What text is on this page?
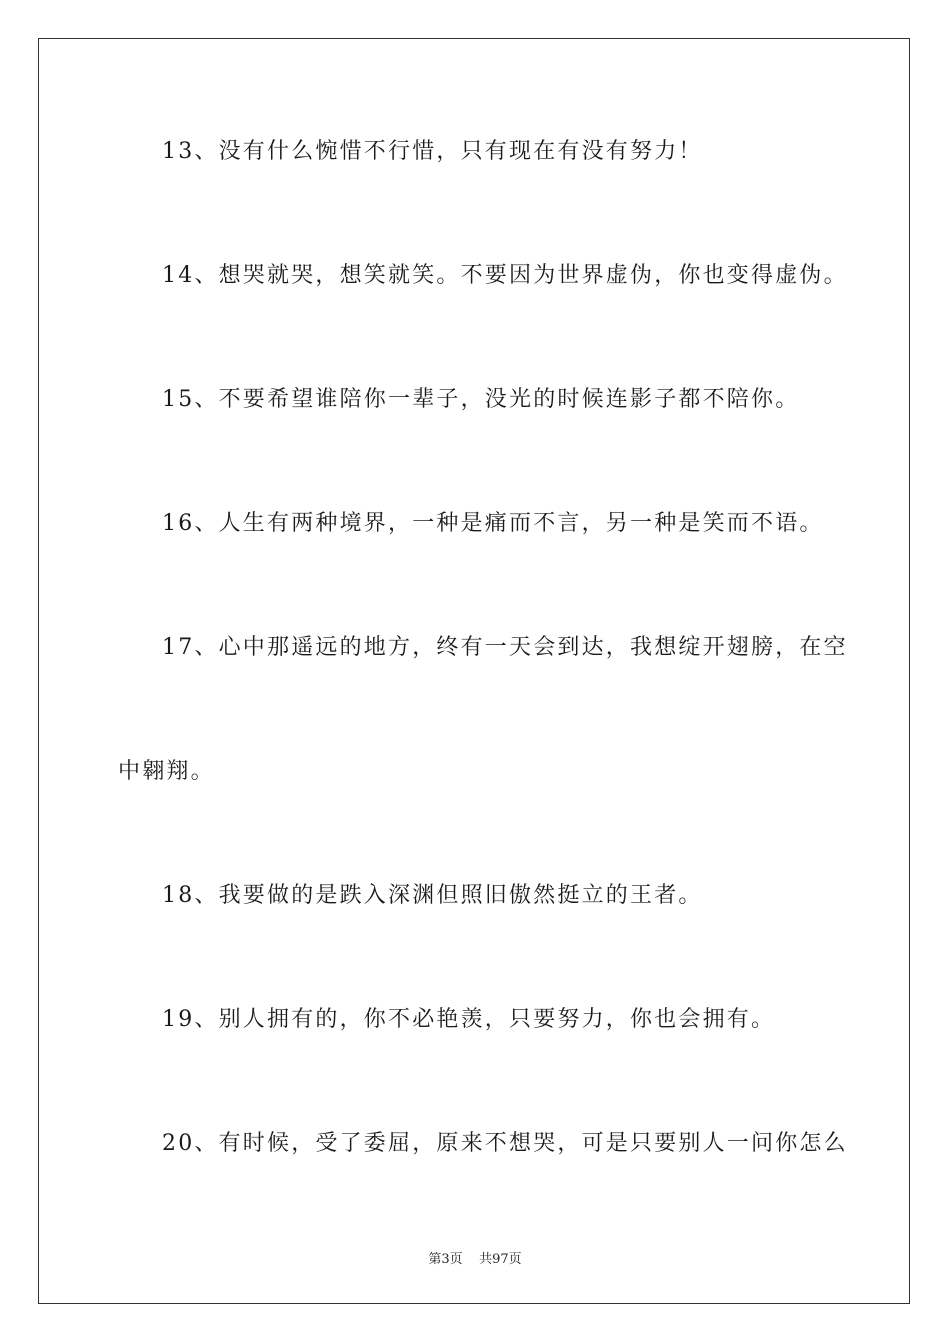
13、没有什么惋惜不行惜，只有现在有没有努力！
14、想哭就哭，想笑就笑。不要因为世界虚伪，你也变得虚伪。
15、不要希望谁陪你一辈子，没光的时候连影子都不陪你。
16、人生有两种境界，一种是痛而不言，另一种是笑而不语。
17、心中那遥远的地方，终有一天会到达，我想绽开翅膀，在空
中翱翔。
18、我要做的是跌入深渊但照旧傲然挺立的王者。
19、别人拥有的，你不必艳羡，只要努力，你也会拥有。
20、有时候，受了委屈，原来不想哭，可是只要别人一问你怎么
第3页 共97页
